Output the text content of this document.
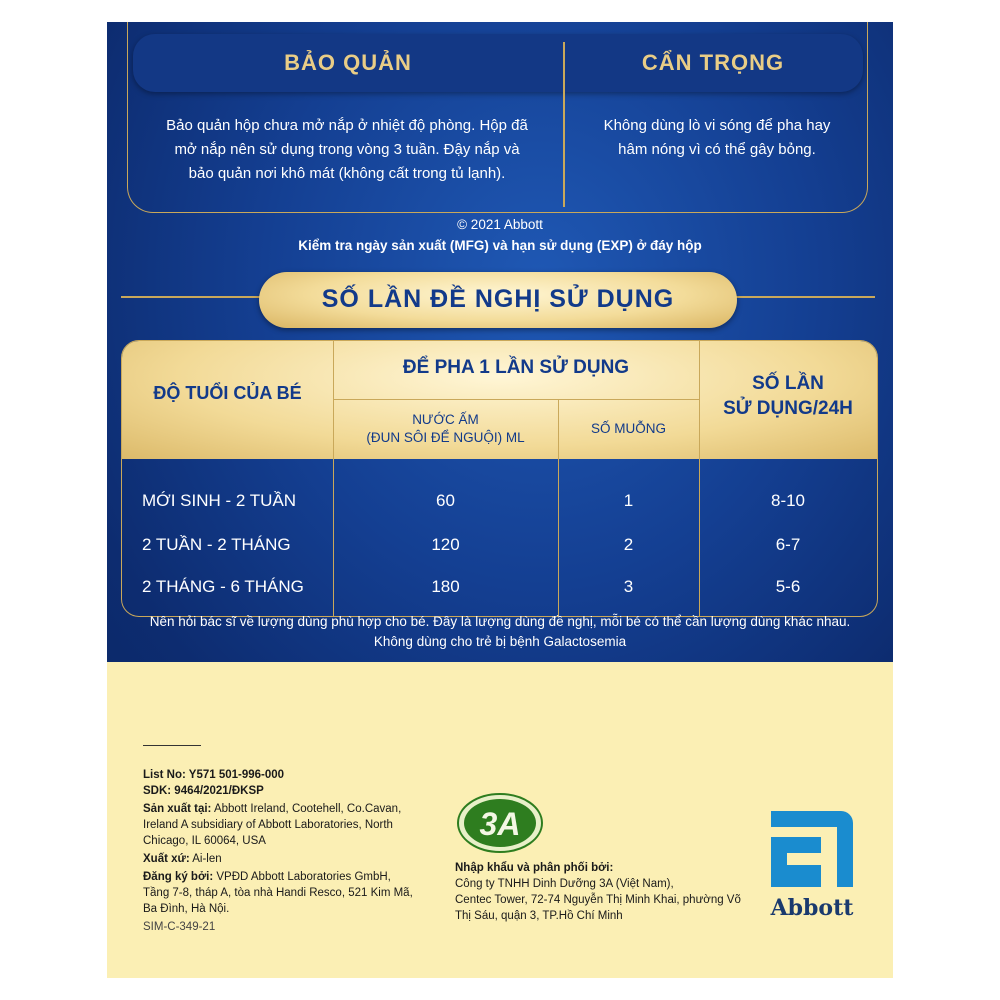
BẢO QUẢN	CẨN TRỌNG
Bảo quản hộp chưa mở nắp ở nhiệt độ phòng. Hộp đã
mở nắp nên sử dụng trong vòng 3 tuần. Đậy nắp và
bảo quản nơi khô mát (không cất trong tủ lạnh).
Không dùng lò vi sóng để pha hay
hâm nóng vì có thể gây bỏng.
© 2021 Abbott
Kiểm tra ngày sản xuất (MFG) và hạn sử dụng (EXP) ở đáy hộp
SỐ LẦN ĐỀ NGHỊ SỬ DỤNG
ĐỘ TUỔI CỦA BÉ
ĐỂ PHA 1 LẦN SỬ DỤNG
NƯỚC ẤM
(ĐUN SÔI ĐỂ NGUỘI) ML
SỐ MUỖNG
SỐ LẦN
SỬ DỤNG/24H
MỚI SINH - 2 TUẦN	60	1	8-10
2 TUẦN - 2 THÁNG	120	2	6-7
2 THÁNG - 6 THÁNG	180	3	5-6
Nên hỏi bác sĩ về lượng dùng phù hợp cho bé. Đây là lượng dùng đề nghị, mỗi bé có thể cần lượng dùng khác nhau.
Không dùng cho trẻ bị bệnh Galactosemia
List No: Y571 501-996-000
SDK: 9464/2021/ĐKSP
Sản xuất tại: Abbott Ireland, Cootehell, Co.Cavan,
Ireland A subsidiary of Abbott Laboratories, North
Chicago, IL 60064, USA
Xuất xứ: Ai-len
Đăng ký bởi: VPĐD Abbott Laboratories GmbH,
Tầng 7-8, tháp A, tòa nhà Handi Resco, 521 Kim Mã,
Ba Đình, Hà Nội.
SIM-C-349-21
3A
Nhập khẩu và phân phối bởi:
Công ty TNHH Dinh Dưỡng 3A (Việt Nam),
Centec Tower, 72-74 Nguyễn Thị Minh Khai, phường Võ
Thị Sáu, quận 3, TP.Hồ Chí Minh	Abbott
